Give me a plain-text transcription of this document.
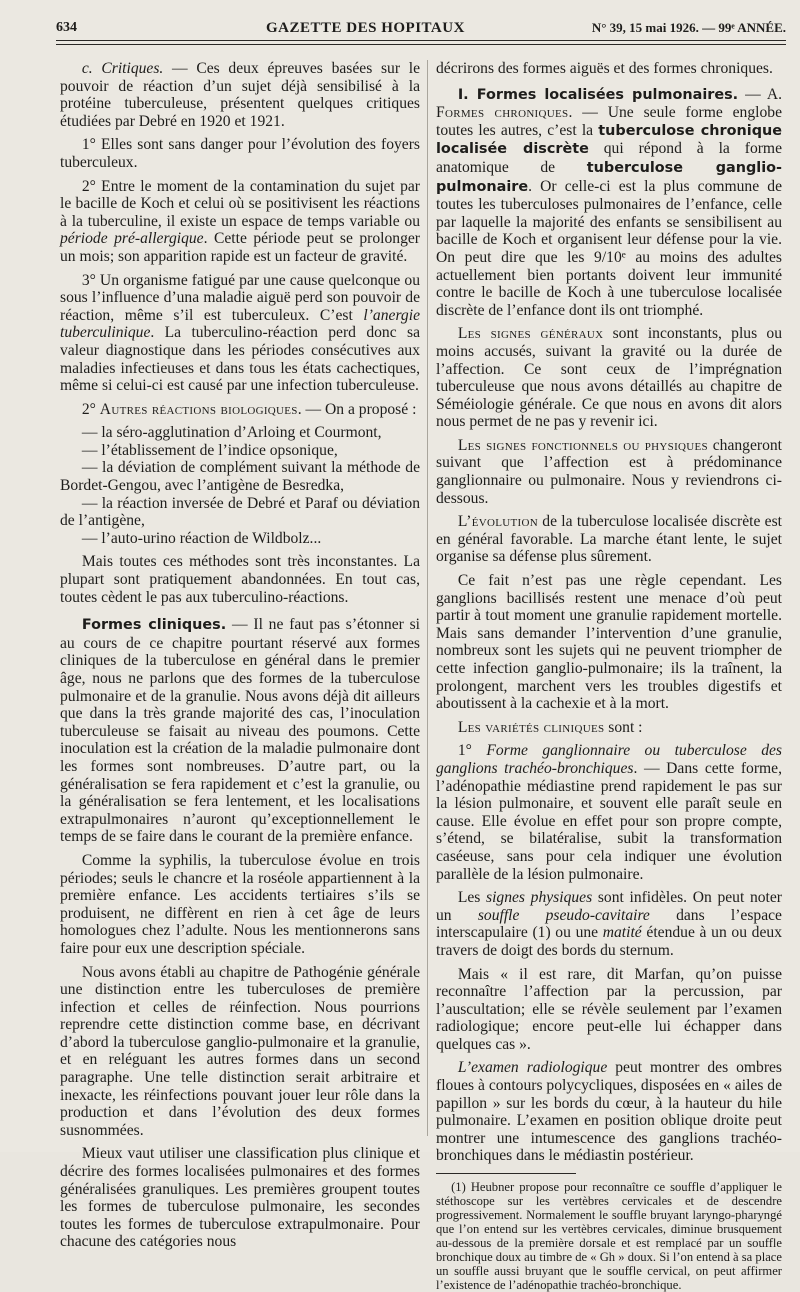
634	GAZETTE DES HOPITAUX	N° 39, 15 mai 1926. — 99ᵉ ANNÉE.

c. Critiques. — Ces deux épreuves basées sur le pouvoir de réaction d’un sujet déjà sensibilisé à la protéine tuberculeuse, présentent quelques critiques étudiées par Debré en 1920 et 1921.

1° Elles sont sans danger pour l’évolution des foyers tuberculeux.

2° Entre le moment de la contamination du sujet par le bacille de Koch et celui où se positivisent les réactions à la tuberculine, il existe un espace de temps variable ou période pré-allergique. Cette période peut se prolonger un mois; son apparition rapide est un facteur de gravité.

3° Un organisme fatigué par une cause quelconque ou sous l’influence d’una maladie aiguë perd son pouvoir de réaction, même s’il est tuberculeux. C’est l’anergie tuberculinique. La tuberculino-réaction perd donc sa valeur diagnostique dans les périodes consécutives aux maladies infectieuses et dans tous les états cachectiques, même si celui-ci est causé par une infection tuberculeuse.

2° Autres réactions biologiques. — On a proposé :

— la séro-agglutination d’Arloing et Courmont,

— l’établissement de l’indice opsonique,

— la déviation de complément suivant la méthode de Bordet-Gengou, avec l’antigène de Besredka,

— la réaction inversée de Debré et Paraf ou déviation de l’antigène,

— l’auto-urino réaction de Wildbolz...

Mais toutes ces méthodes sont très inconstantes. La plupart sont pratiquement abandonnées. En tout cas, toutes cèdent le pas aux tuberculino-réactions.

Formes cliniques. — Il ne faut pas s’étonner si au cours de ce chapitre pourtant réservé aux formes cliniques de la tuberculose en général dans le premier âge, nous ne parlons que des formes de la tuberculose pulmonaire et de la granulie. Nous avons déjà dit ailleurs que dans la très grande majorité des cas, l’inoculation tuberculeuse se faisait au niveau des poumons. Cette inoculation est la création de la maladie pulmonaire dont les formes sont nombreuses. D’autre part, ou la généralisation se fera rapidement et c’est la granulie, ou la généralisation se fera lentement, et les localisations extrapulmonaires n’auront qu’exceptionnellement le temps de se faire dans le courant de la première enfance.

Comme la syphilis, la tuberculose évolue en trois périodes; seuls le chancre et la roséole appartiennent à la première enfance. Les accidents tertiaires s’ils se produisent, ne diffèrent en rien à cet âge de leurs homologues chez l’adulte. Nous les mentionnerons sans faire pour eux une description spéciale.

Nous avons établi au chapitre de Pathogénie générale une distinction entre les tuberculoses de première infection et celles de réinfection. Nous pourrions reprendre cette distinction comme base, en décrivant d’abord la tuberculose ganglio-pulmonaire et la granulie, et en reléguant les autres formes dans un second paragraphe. Une telle distinction serait arbitraire et inexacte, les réinfections pouvant jouer leur rôle dans la production et dans l’évolution des deux formes susnommées.

Mieux vaut utiliser une classification plus clinique et décrire des formes localisées pulmonaires et des formes généralisées granuliques. Les premières groupent toutes les formes de tuberculose pulmonaire, les secondes toutes les formes de tuberculose extrapulmonaire. Pour chacune des catégories nous

décrirons des formes aiguës et des formes chroniques.

I. Formes localisées pulmonaires. — A. Formes chroniques. — Une seule forme englobe toutes les autres, c’est la tuberculose chronique localisée discrète qui répond à la forme anatomique de tuberculose ganglio-pulmonaire. Or celle-ci est la plus commune de toutes les tuberculoses pulmonaires de l’enfance, celle par laquelle la majorité des enfants se sensibilisent au bacille de Koch et organisent leur défense pour la vie. On peut dire que les 9/10ᵉ au moins des adultes actuellement bien portants doivent leur immunité contre le bacille de Koch à une tuberculose localisée discrète de l’enfance dont ils ont triomphé.

Les signes généraux sont inconstants, plus ou moins accusés, suivant la gravité ou la durée de l’affection. Ce sont ceux de l’imprégnation tuberculeuse que nous avons détaillés au chapitre de Séméiologie générale. Ce que nous en avons dit alors nous permet de ne pas y revenir ici.

Les signes fonctionnels ou physiques changeront suivant que l’affection est à prédominance ganglionnaire ou pulmonaire. Nous y reviendrons ci-dessous.

L’évolution de la tuberculose localisée discrète est en général favorable. La marche étant lente, le sujet organise sa défense plus sûrement.

Ce fait n’est pas une règle cependant. Les ganglions bacillisés restent une menace d’où peut partir à tout moment une granulie rapidement mortelle. Mais sans demander l’intervention d’une granulie, nombreux sont les sujets qui ne peuvent triompher de cette infection ganglio-pulmonaire; ils la traînent, la prolongent, marchent vers les troubles digestifs et aboutissent à la cachexie et à la mort.

Les variétés cliniques sont :

1° Forme ganglionnaire ou tuberculose des ganglions trachéo-bronchiques. — Dans cette forme, l’adénopathie médiastine prend rapidement le pas sur la lésion pulmonaire, et souvent elle paraît seule en cause. Elle évolue en effet pour son propre compte, s’étend, se bilatéralise, subit la transformation caséeuse, sans pour cela indiquer une évolution parallèle de la lésion pulmonaire.

Les signes physiques sont infidèles. On peut noter un souffle pseudo-cavitaire dans l’espace interscapulaire (1) ou une matité étendue à un ou deux travers de doigt des bords du sternum.

Mais « il est rare, dit Marfan, qu’on puisse reconnaître l’affection par la percussion, par l’auscultation; elle se révèle seulement par l’examen radiologique; encore peut-elle lui échapper dans quelques cas ».

L’examen radiologique peut montrer des ombres floues à contours polycycliques, disposées en « ailes de papillon » sur les bords du cœur, à la hauteur du hile pulmonaire. L’examen en position oblique droite peut montrer une intumescence des ganglions trachéo-bronchiques dans le médiastin postérieur.

(1) Heubner propose pour reconnaître ce souffle d’appliquer le stéthoscope sur les vertèbres cervicales et de descendre progressivement. Normalement le souffle bruyant laryngo-pharyngé que l’on entend sur les vertèbres cervicales, diminue brusquement au-dessous de la première dorsale et est remplacé par un souffle bronchique doux au timbre de « Gh » doux. Si l’on entend à sa place un souffle aussi bruyant que le souffle cervical, on peut affirmer l’existence de l’adénopathie trachéo-bronchique.
